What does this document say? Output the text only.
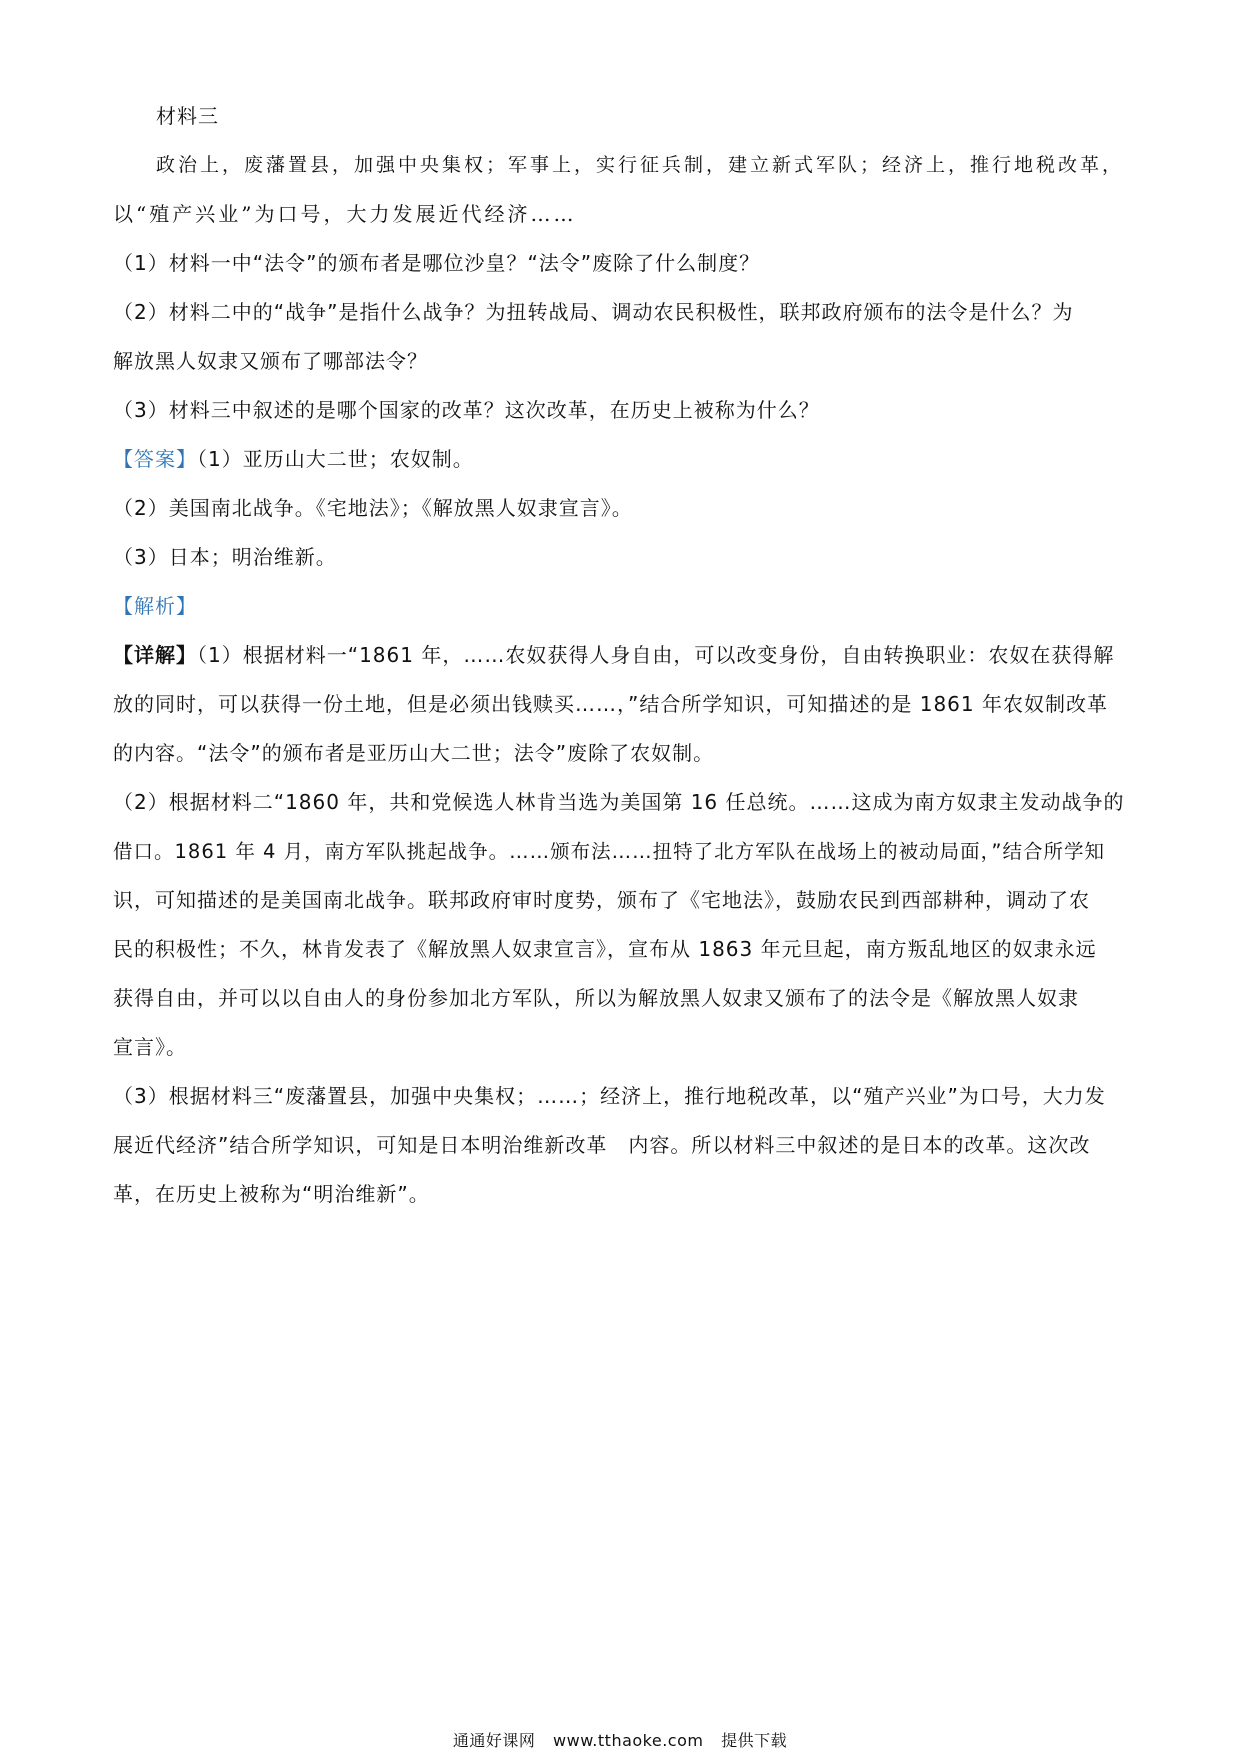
材料三
政治上，废藩置县，加强中央集权；军事上，实行征兵制，建立新式军队；经济上，推行地税改革，
以“殖产兴业”为口号，大力发展近代经济……
（1）材料一中“法令”的颁布者是哪位沙皇？“法令”废除了什么制度？
（2）材料二中的“战争”是指什么战争？为扭转战局、调动农民积极性，联邦政府颁布的法令是什么？为
解放黑人奴隶又颁布了哪部法令？
（3）材料三中叙述的是哪个国家的改革？这次改革，在历史上被称为什么？
【答案】（1）亚历山大二世；农奴制。
（2）美国南北战争。《宅地法》；《解放黑人奴隶宣言》。
（3）日本；明治维新。
【解析】
【详解】（1）根据材料一“1861 年，……农奴获得人身自由，可以改变身份，自由转换职业：农奴在获得解
放的同时，可以获得一份土地，但是必须出钱赎买……，”结合所学知识，可知描述的是 1861 年农奴制改革
的内容。“法令”的颁布者是亚历山大二世；法令”废除了农奴制。
（2）根据材料二“1860 年，共和党候选人林肯当选为美国第 16 任总统。……这成为南方奴隶主发动战争的
借口。1861 年 4 月，南方军队挑起战争。……颁布法……扭特了北方军队在战场上的被动局面，”结合所学知
识，可知描述的是美国南北战争。联邦政府审时度势，颁布了《宅地法》，鼓励农民到西部耕种，调动了农
民的积极性；不久，林肯发表了《解放黑人奴隶宣言》，宣布从 1863 年元旦起，南方叛乱地区的奴隶永远
获得自由，并可以以自由人的身份参加北方军队，所以为解放黑人奴隶又颁布了的法令是《解放黑人奴隶
宣言》。
（3）根据材料三“废藩置县，加强中央集权；……；经济上，推行地税改革，以“殖产兴业”为口号，大力发
展近代经济”结合所学知识，可知是日本明治维新改革　内容。所以材料三中叙述的是日本的改革。这次改
革，在历史上被称为“明治维新”。
通通好课网 www.tthaoke.com 提供下载
